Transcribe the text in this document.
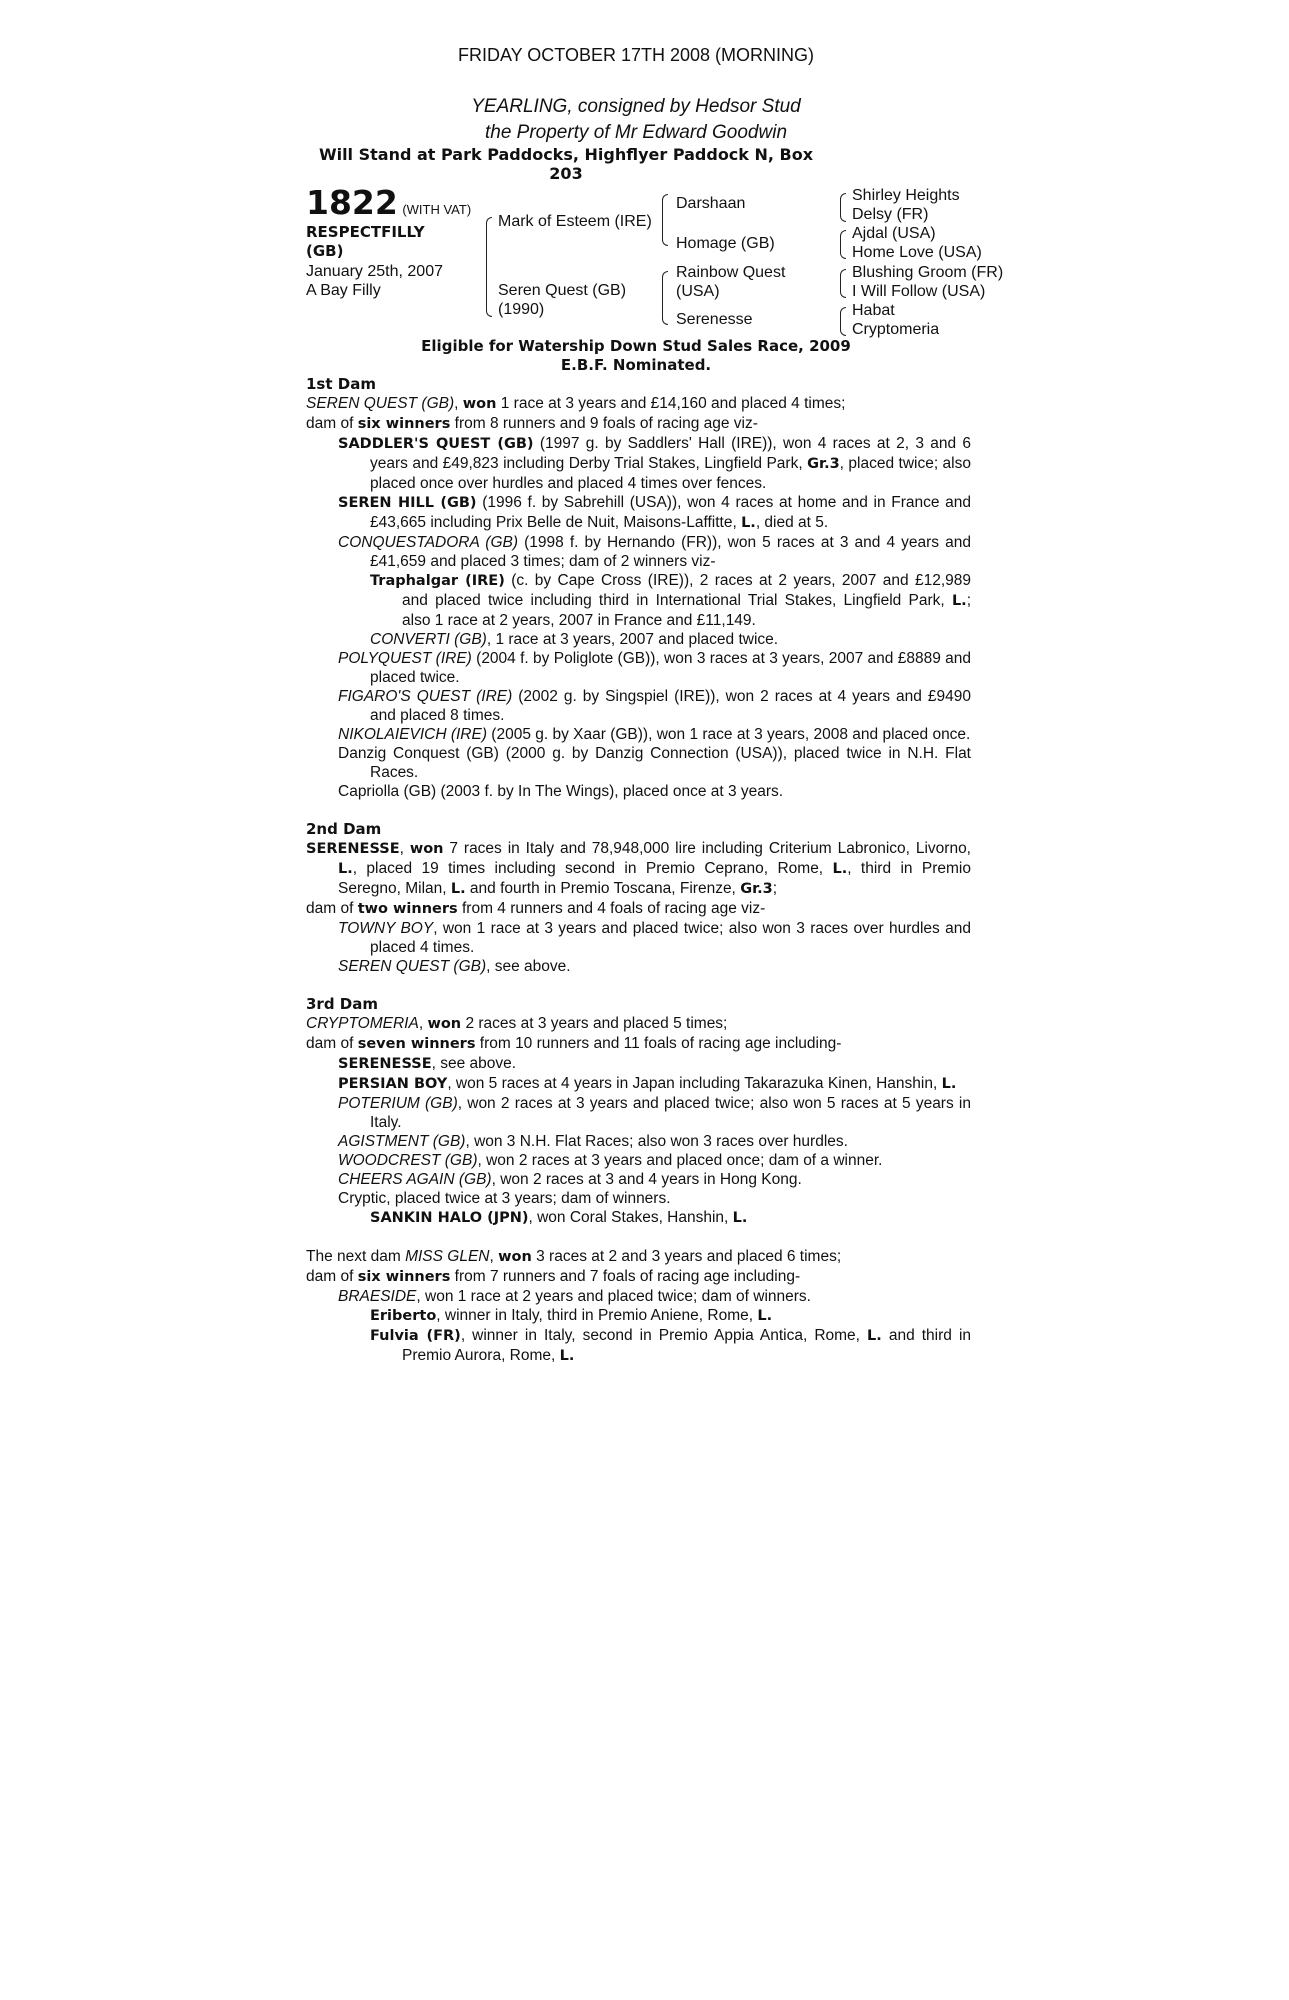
FRIDAY OCTOBER 17TH 2008 (MORNING)
YEARLING, consigned by Hedsor Stud
the Property of Mr Edward Goodwin
Will Stand at Park Paddocks, Highflyer Paddock N, Box 203
1822 (WITH VAT)
RESPECTFILLY
(GB)
January 25th, 2007
A Bay Filly
Mark of Esteem (IRE)
Seren Quest (GB)
(1990)
Darshaan
Homage (GB)
Rainbow Quest
(USA)
Serenesse
Shirley Heights
Delsy (FR)
Ajdal (USA)
Home Love (USA)
Blushing Groom (FR)
I Will Follow (USA)
Habat
Cryptomeria
Eligible for Watership Down Stud Sales Race, 2009
E.B.F. Nominated.

1st Dam

SEREN QUEST (GB), won 1 race at 3 years and £14,160 and placed 4 times;

dam of six winners from 8 runners and 9 foals of racing age viz-

SADDLER'S QUEST (GB) (1997 g. by Saddlers' Hall (IRE)), won 4 races at 2, 3 and 6 years and £49,823 including Derby Trial Stakes, Lingfield Park, Gr.3, placed twice; also placed once over hurdles and placed 4 times over fences.

SEREN HILL (GB) (1996 f. by Sabrehill (USA)), won 4 races at home and in France and £43,665 including Prix Belle de Nuit, Maisons-Laffitte, L., died at 5.

CONQUESTADORA (GB) (1998 f. by Hernando (FR)), won 5 races at 3 and 4 years and £41,659 and placed 3 times; dam of 2 winners viz-

Traphalgar (IRE) (c. by Cape Cross (IRE)), 2 races at 2 years, 2007 and £12,989 and placed twice including third in International Trial Stakes, Lingfield Park, L.; also 1 race at 2 years, 2007 in France and £11,149.

CONVERTI (GB), 1 race at 3 years, 2007 and placed twice.

POLYQUEST (IRE) (2004 f. by Poliglote (GB)), won 3 races at 3 years, 2007 and £8889 and placed twice.

FIGARO'S QUEST (IRE) (2002 g. by Singspiel (IRE)), won 2 races at 4 years and £9490 and placed 8 times.

NIKOLAIEVICH (IRE) (2005 g. by Xaar (GB)), won 1 race at 3 years, 2008 and placed once.

Danzig Conquest (GB) (2000 g. by Danzig Connection (USA)), placed twice in N.H. Flat Races.

Capriolla (GB) (2003 f. by In The Wings), placed once at 3 years.

2nd Dam

SERENESSE, won 7 races in Italy and 78,948,000 lire including Criterium Labronico, Livorno, L., placed 19 times including second in Premio Ceprano, Rome, L., third in Premio Seregno, Milan, L. and fourth in Premio Toscana, Firenze, Gr.3;

dam of two winners from 4 runners and 4 foals of racing age viz-

TOWNY BOY, won 1 race at 3 years and placed twice; also won 3 races over hurdles and placed 4 times.

SEREN QUEST (GB), see above.

3rd Dam

CRYPTOMERIA, won 2 races at 3 years and placed 5 times;

dam of seven winners from 10 runners and 11 foals of racing age including-

SERENESSE, see above.

PERSIAN BOY, won 5 races at 4 years in Japan including Takarazuka Kinen, Hanshin, L.

POTERIUM (GB), won 2 races at 3 years and placed twice; also won 5 races at 5 years in Italy.

AGISTMENT (GB), won 3 N.H. Flat Races; also won 3 races over hurdles.

WOODCREST (GB), won 2 races at 3 years and placed once; dam of a winner.

CHEERS AGAIN (GB), won 2 races at 3 and 4 years in Hong Kong.

Cryptic, placed twice at 3 years; dam of winners.

SANKIN HALO (JPN), won Coral Stakes, Hanshin, L.

The next dam MISS GLEN, won 3 races at 2 and 3 years and placed 6 times;

dam of six winners from 7 runners and 7 foals of racing age including-

BRAESIDE, won 1 race at 2 years and placed twice; dam of winners.

Eriberto, winner in Italy, third in Premio Aniene, Rome, L.

Fulvia (FR), winner in Italy, second in Premio Appia Antica, Rome, L. and third in Premio Aurora, Rome, L.
